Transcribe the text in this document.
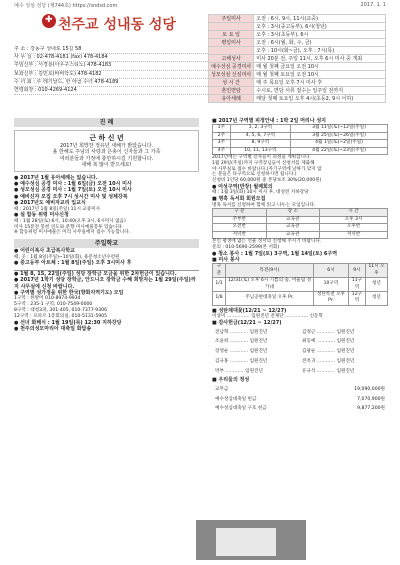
예수 성심 성당 (제744호) https://sndsd.com	2017. 1. 1
✚
천주교 성내동 성당
주 소 : 강동구 성내로 15길 58
사 무 실 : 02-478-4181 (fax) 478-4184
주임신부 : 서경룡(아우구스티노) 478-4183
보좌신부 : 김민호(바비닥도) 478-4182
수 녀 회 : 루 레기날드, 한 야곱 수녀 478-4189
연령회장 : 010-4269-4124
주일미사	오전 : 6시, 9시, 11시(교중)
	오후 : 3시(중고등부), 6시(청년)
토 요 일	오후 : 3시(초등부), 6시
평일미사	오전 : 6시(월, 화, 수, 금)
	오후 : 10시(화~금), 오후 : 7시(목)
고해성사	미사 20분 전, 주일 11시, 오후 6시 미사 중 개최
예수성심 공경미사	매 월 첫째 금요일 오전 10시
성모성심 신심미사	매 월 첫째 토요일 오전 10시
성 시 간	매 주 목요일 오후 7시 미사 후
혼인면담	수시로, 면담 서류 접수는 일주일 전까지
유아세례	매달 첫째 토요일 오후 4시(초등2, 9시 이하)
진 례
근 하 신 년
2017년 희망찬 정유년 새해가 밝았습니다.
올 한해도 주님의 사랑과 은총이 신자들과 그 가족
여러분들과 가정에 충만하시길 기원합니다.
새해 복 많이 받으세요!
● 2017년 1월 유아세례는 없습니다.
● 예수성심 공경 미사 : 1월 6일(금) 오전 10시 미사
● 성모성심 공경 미사 : 1월 7일(토) 오전 10시 미사
● 예비신자 모집 오후 7시 성시간 미사 및 성체강복
● 2017년도 예비자교리 입교식
때 : 2017년 1월 8일(주일) 11시 교중미사
● 설 합동 위령 미사신청
때 : 1월 28일(토) 6시, 10:40(오후 3시, 6시미사 없음)
미사 15분전 봉헌 연도와 분향 미사예물봉투 있습니다
※ 합동위령 미사예물은 미리 사무실에서 접수 가능합니다.
주일학교
● 어린이복사 초급복사학교
때, 곳 : 1월 8일(주일)~10일(화), 용문청소년수련원
● 중고등부 아트체 : 1월 8일(주일) 오후 3시미사 후
● 1월 8, 15, 22일(주일) 성당 장학금 모금을 위한 2차헌금이 있습니다.
● 2017년 1학기 성당 장학금, 안드니오 장학금 수혜 희망자는 1월 29일(주일)까지 사무실에 신청 바랍니다.
● 구역별 성가정을 위한 한국(향화지역기도) 모임
1구역 : 한방어 010-8974-9934
5구역 : 235-1 구역, 010-7549-0000
8구역 : 대청3퍼, 301-405, 010-7377-9306
12구역 : 포파르 1층회의실, 010-5131-5905
● 선녀 화해식 : 1월 19일(목) 12:30 지하강당
● 천주의성모마리아 대축일 화답송
■ 2017년 구역별 피정안내 : 1박 2일 머리나 성지
1주	1, 2, 3구역	3월 11일(토)~12일(주일)
2주	4, 5, 6, 7구역	3월 25일(토)~26일(주일)
3주	8, 9구역	4월 1일(토)~2일(주일)
4주	10, 11, 13구역	4월 22일(토)~23일(주일)
2017년에는 구역별 신자들이 피정을 계획합니다.
1월 29일(주일)까지 구역장님들이 신청서를 제출해
야 사무실로 접수 바랍니다.(자기구역에 날짜가 맞지 않
는 분들은 타구역으로 신청하시면 됩니다.)
신청비 1인당 60,000원 중 본당보조 30%(20,000원)
● 여성구역(반장) 월례회의
때 : 1월 3일(화) 10시 미사 후, 대성전 지하강당
■ 명혹 독서회 회원모집
명혹 독서를 신청하여 함께 읽고 나누는 모임입니다.
구 분	장 소	시 간
주부반	교육관	오후 3시
오전반	교육관	오후반
저녁반	교육관	저녁반
본인 평생에 없는 선물 성서의 신청해 주시기 바랍니다.
문의 : 010-5690-2599(본 서회)
● 청소 봉사 : 1월 7일(토) 3구역, 1월 14일(토) 6구역
■ 미사 봉사
구 분	특전(9시)	6시	9시	11시 오후
1/1	12/31(토) 오후 6시 기쁨의 숲, 어울림 성가대	10구역	11구역	청년
1/8	주님공현대축일 오후 Pr.	성탄특전 오후 Pr.	12구역	청년
■ 성탄제대꽃(12/21 ~ 12/27)
이상미 …………… 임원진년 전제단 …………… 신동학
■ 감사헌금(12/21 ~ 12/27)
전남혁 ………… 임원진년	김정근 ………… 임원진년
조윤희 ………… 임원진년	최동예 ………… 임원진년
장영순 ………… 임원진년	김광순 ………… 임원진년
김규홍 ………… 임원진년	전옥귀 ………… 임원진년
박부 ………… 임원진년	유규석 ………… 임원진년
■ 우리들의 정성
교무금	19,090,000원
예수성심대축일 헌금	7,070,900원
예수성심대축일 구호 헌금	9,877,200원
